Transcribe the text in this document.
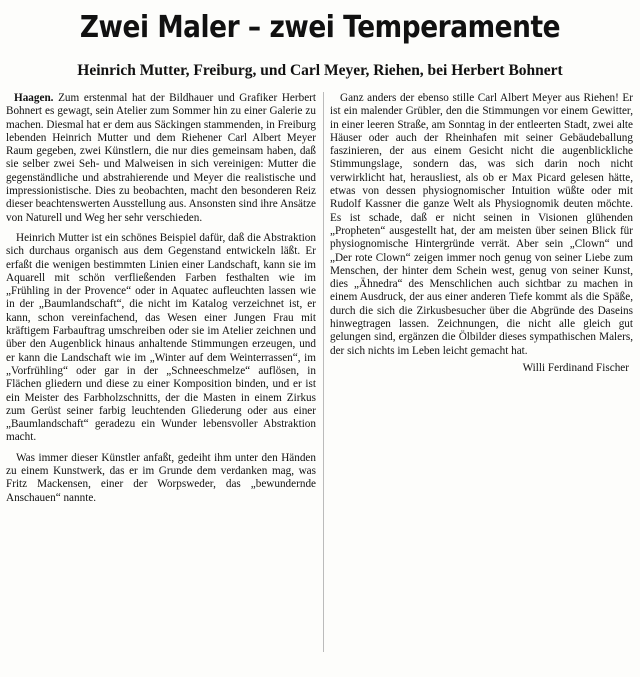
Zwei Maler – zwei Temperamente
Heinrich Mutter, Freiburg, und Carl Meyer, Riehen, bei Herbert Bohnert

Haagen. Zum erstenmal hat der Bildhauer und Grafiker Herbert Bohnert es gewagt, sein Atelier zum Sommer hin zu einer Galerie zu machen. Diesmal hat er dem aus Säckingen stammenden, in Freiburg lebenden Heinrich Mutter und dem Riehener Carl Albert Meyer Raum gegeben, zwei Künstlern, die nur dies gemeinsam haben, daß sie selber zwei Seh- und Malweisen in sich vereinigen: Mutter die gegenständliche und abstrahierende und Meyer die realistische und impressionistische. Dies zu beobachten, macht den besonderen Reiz dieser beachtenswerten Ausstellung aus. Ansonsten sind ihre Ansätze von Naturell und Weg her sehr verschieden.

Heinrich Mutter ist ein schönes Beispiel dafür, daß die Abstraktion sich durchaus organisch aus dem Gegenstand entwickeln läßt. Er erfaßt die wenigen bestimmten Linien einer Landschaft, kann sie im Aquarell mit schön verfließenden Farben festhalten wie im „Frühling in der Provence“ oder in Aquatec aufleuchten lassen wie in der „Baumlandschaft“, die nicht im Katalog verzeichnet ist, er kann, schon vereinfachend, das Wesen einer Jungen Frau mit kräftigem Farbauftrag umschreiben oder sie im Atelier zeichnen und über den Augenblick hinaus anhaltende Stimmungen erzeugen, und er kann die Landschaft wie im „Winter auf dem Weinterrassen“, im „Vorfrühling“ oder gar in der „Schneeschmelze“ auflösen, in Flächen gliedern und diese zu einer Komposition binden, und er ist ein Meister des Farbholzschnitts, der die Masten in einem Zirkus zum Gerüst seiner farbig leuchtenden Gliederung oder aus einer „Baumlandschaft“ geradezu ein Wunder lebensvoller Abstraktion macht.

Was immer dieser Künstler anfaßt, gedeiht ihm unter den Händen zu einem Kunstwerk, das er im Grunde dem verdanken mag, was Fritz Mackensen, einer der Worpsweder, das „bewundernde Anschauen“ nannte.

Ganz anders der ebenso stille Carl Albert Meyer aus Riehen! Er ist ein malender Grübler, den die Stimmungen vor einem Gewitter, in einer leeren Straße, am Sonntag in der entleerten Stadt, zwei alte Häuser oder auch der Rheinhafen mit seiner Gebäudeballung faszinieren, der aus einem Gesicht nicht die augenblickliche Stimmungslage, sondern das, was sich darin noch nicht verwirklicht hat, herausliest, als ob er Max Picard gelesen hätte, etwas von dessen physiognomischer Intuition wüßte oder mit Rudolf Kassner die ganze Welt als Physiognomik deuten möchte. Es ist schade, daß er nicht seinen in Visionen glühenden „Propheten“ ausgestellt hat, der am meisten über seinen Blick für physiognomische Hintergründe verrät. Aber sein „Clown“ und „Der rote Clown“ zeigen immer noch genug von seiner Liebe zum Menschen, der hinter dem Schein west, genug von seiner Kunst, dies „Ähnedra“ des Menschlichen auch sichtbar zu machen in einem Ausdruck, der aus einer anderen Tiefe kommt als die Späße, durch die sich die Zirkusbesucher über die Abgründe des Daseins hinwegtragen lassen. Zeichnungen, die nicht alle gleich gut gelungen sind, ergänzen die Ölbilder dieses sympathischen Malers, der sich nichts im Leben leicht gemacht hat.

Willi Ferdinand Fischer
